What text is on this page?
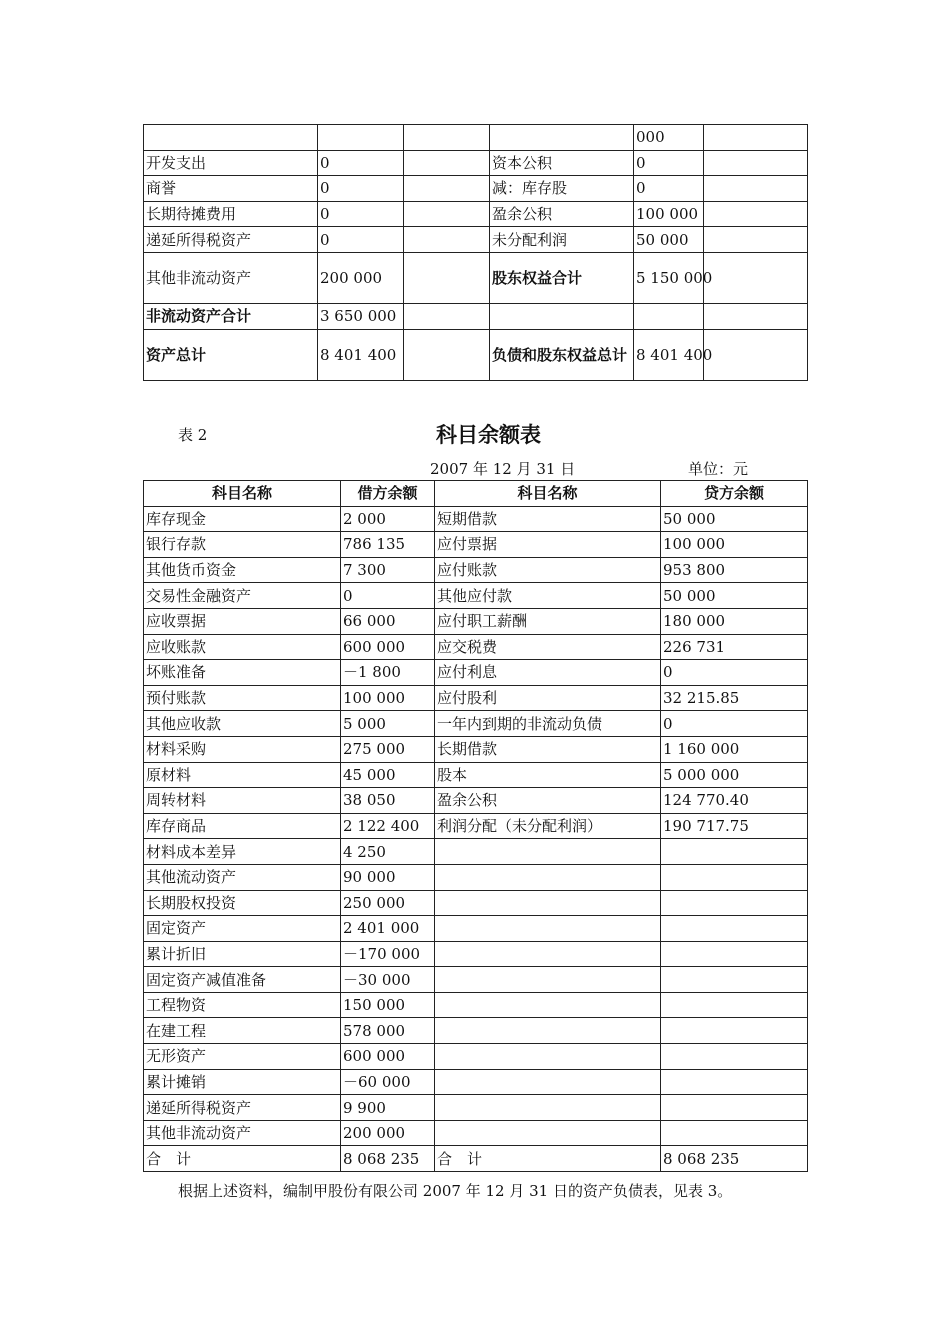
				000	
开发支出	0		资本公积	0	
商誉	0		减：库存股	0	
长期待摊费用	0		盈余公积	100 000	
递延所得税资产	0		未分配利润	50 000	
其他非流动资产	200 000		股东权益合计	5 150 000	
非流动资产合计	3 650 000				
资产总计	8 401 400		负债和股东权益总计	8 401 400	
表 2	科目余额表
2007 年 12 月 31 日	单位：元
科目名称	借方余额	科目名称	贷方余额
库存现金	2 000	短期借款	50 000
银行存款	786 135	应付票据	100 000
其他货币资金	7 300	应付账款	953 800
交易性金融资产	0	其他应付款	50 000
应收票据	66 000	应付职工薪酬	180 000
应收账款	600 000	应交税费	226 731
坏账准备	－1 800	应付利息	0
预付账款	100 000	应付股利	32 215.85
其他应收款	5 000	一年内到期的非流动负债	0
材料采购	275 000	长期借款	1 160 000
原材料	45 000	股本	5 000 000
周转材料	38 050	盈余公积	124 770.40
库存商品	2 122 400	利润分配（未分配利润）	190 717.75
材料成本差异	4 250		
其他流动资产	90 000		
长期股权投资	250 000		
固定资产	2 401 000		
累计折旧	－170 000		
固定资产减值准备	－30 000		
工程物资	150 000		
在建工程	578 000		
无形资产	600 000		
累计摊销	－60 000		
递延所得税资产	9 900		
其他非流动资产	200 000		
合　计	8 068 235	合　计	8 068 235
根据上述资料，编制甲股份有限公司 2007 年 12 月 31 日的资产负债表，见表 3。
